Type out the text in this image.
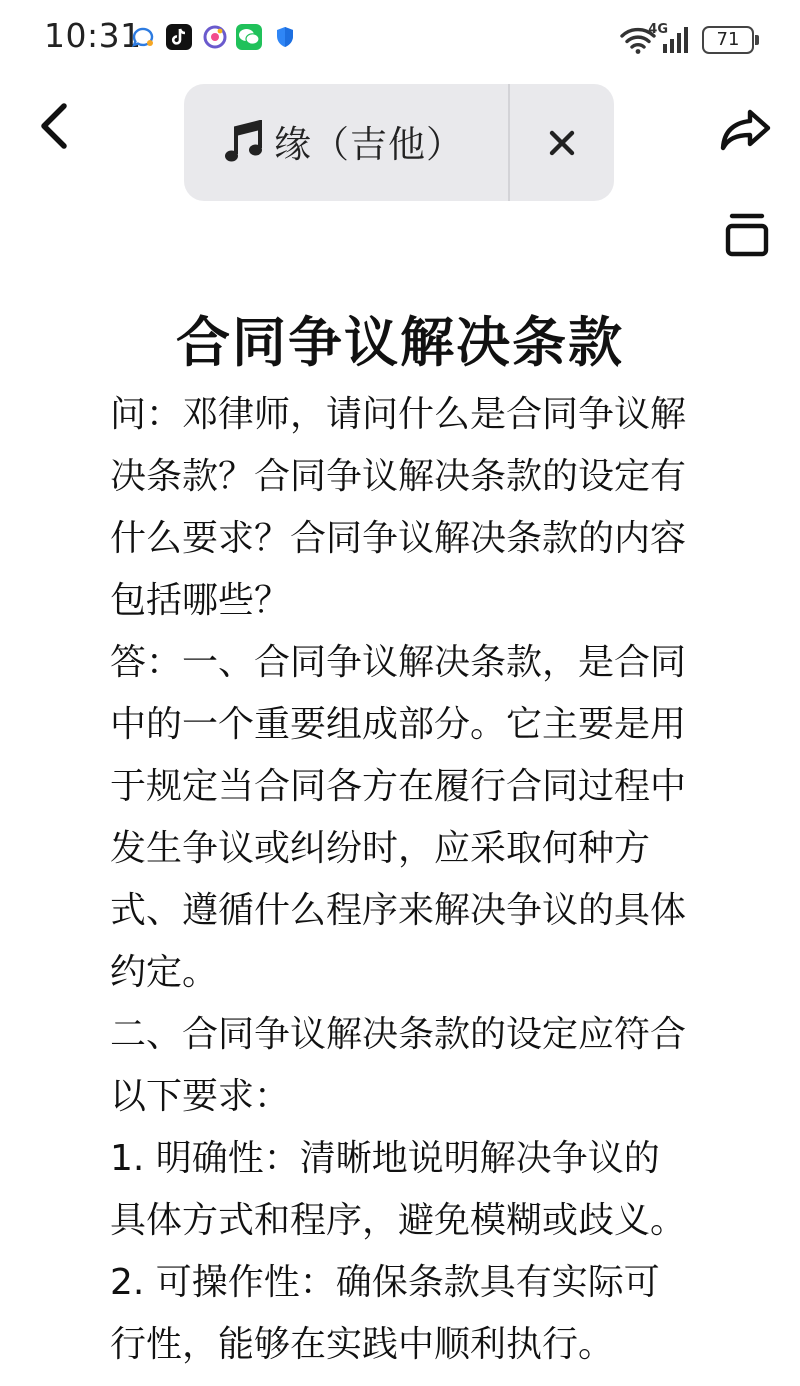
10:31	4G	71
缘（吉他）
合同争议解决条款

问：邓律师，请问什么是合同争议解决条款？合同争议解决条款的设定有什么要求？合同争议解决条款的内容包括哪些？

答：一、合同争议解决条款，是合同中的一个重要组成部分。它主要是用于规定当合同各方在履行合同过程中发生争议或纠纷时，应采取何种方式、遵循什么程序来解决争议的具体约定。

二、合同争议解决条款的设定应符合以下要求：

1. 明确性：清晰地说明解决争议的具体方式和程序，避免模糊或歧义。

2. 可操作性：确保条款具有实际可行性，能够在实践中顺利执行。
